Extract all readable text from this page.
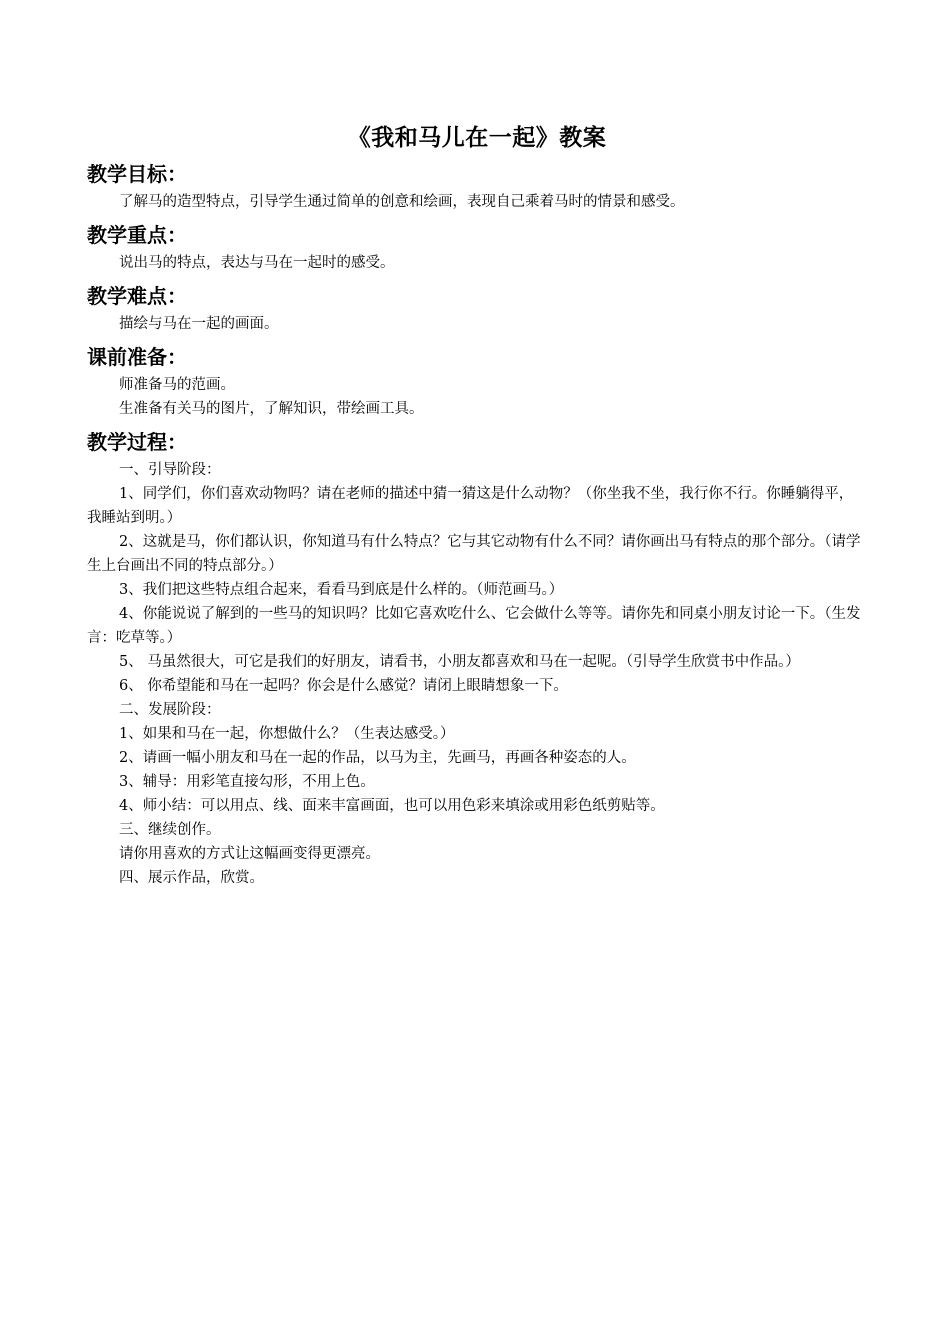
《我和马儿在一起》教案
教学目标：

了解马的造型特点，引导学生通过简单的创意和绘画，表现自己乘着马时的情景和感受。

教学重点：

说出马的特点，表达与马在一起时的感受。

教学难点：

描绘与马在一起的画面。

课前准备：

师准备马的范画。

生准备有关马的图片，了解知识，带绘画工具。

教学过程：

一、引导阶段：

1、同学们，你们喜欢动物吗？请在老师的描述中猜一猜这是什么动物？（你坐我不坐，我行你不行。你睡躺得平，我睡站到明。）

2、这就是马，你们都认识，你知道马有什么特点？它与其它动物有什么不同？请你画出马有特点的那个部分。（请学生上台画出不同的特点部分。）

3、我们把这些特点组合起来，看看马到底是什么样的。（师范画马。）

4、你能说说了解到的一些马的知识吗？比如它喜欢吃什么、它会做什么等等。请你先和同桌小朋友讨论一下。（生发言：吃草等。）

5、 马虽然很大，可它是我们的好朋友，请看书，小朋友都喜欢和马在一起呢。（引导学生欣赏书中作品。）

6、 你希望能和马在一起吗？你会是什么感觉？请闭上眼睛想象一下。

二、发展阶段：

1、如果和马在一起，你想做什么？（生表达感受。）

2、请画一幅小朋友和马在一起的作品，以马为主，先画马，再画各种姿态的人。

3、辅导：用彩笔直接勾形，不用上色。

4、师小结：可以用点、线、面来丰富画面，也可以用色彩来填涂或用彩色纸剪贴等。

三、继续创作。

请你用喜欢的方式让这幅画变得更漂亮。

四、展示作品，欣赏。
